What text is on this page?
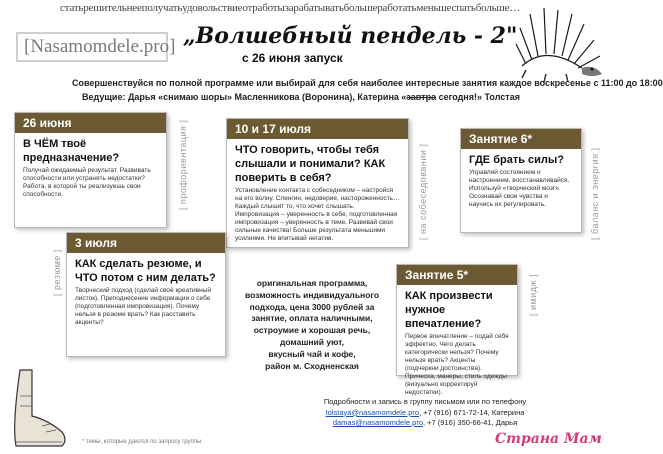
статьрешительнееполучатьудовольствиеотработызарабатыватьбольшеработатьменьшеспатьбольше…
[Nasamomdele.pro] „Волшебный пендель - 2"
с 26 июня запуск
Совершенствуйся по полной программе или выбирай для себя наиболее интересные занятия каждое воскресенье с 11:00 до 18:00
Ведущие: Дарья «снимаю шоры» Масленникова (Воронина), Катерина «завтра сегодня!» Толстая
26 июня
В ЧЁМ твоё предназначение?
Получай ожидаемый результат. Развивать способности или устранять недостатки? Работа, в которой ты реализуешь свои способности.	[ профориентация ]	10 и 17 июля
ЧТО говорить, чтобы тебя слышали и понимали? КАК поверить в себя?
Установление контакта с собеседником – настройся на его волну. Сленгин, недоверие, настороженность… Каждый слышит то, что хочет слышать. Импровизация – уверенность в себе, подготовленная импровизация – уверенность в теме. Развивай свои сильные качества! Больше результата меньшими усилиями. Не впитывай негатив.	[ на собеседовании ]
Занятие 6*
ГДЕ брать силы?
Управляй состоянием и настроением, восстанавливайся. Используй «творческий мозг». Осознавай свои чувства и научись их регулировать.	[ баланс и энергия ]
3 июля
КАК сделать резюме, и ЧТО потом с ним делать?
Творческий подход (сделай своё креативный листок). Преподнесение информации о себе (подготовленная импровизация). Почему нельзя в резюме врать? Как расставить акценты?
[ резюме ]	Занятие 5*
КАК произвести нужное впечатление?
Первое впечатление – подай себя эффектно. Чего делать категорически нельзя? Почему нельзя врать? Акценты (подчеркни достоинства). Прическа, манеры, стиль одежды (визуально корректируй недостатки).
[ имидж ]
оригинальная программа,
возможность индивидуального
подхода, цена 3000 рублей за
занятие, оплата наличными,
остроумие и хорошая речь,
домашний уют,
вкусный чай и кофе,
район м. Сходненская
Подробности и запись в группу письмом или по телефону
tolstaya@nasamomdele.pro, +7 (916) 671-72-14, Катерина
damas@nasamomdele.pro, +7 (916) 350-66-41, Дарья
* темы, которые даются по запросу группы	Страна Мам
